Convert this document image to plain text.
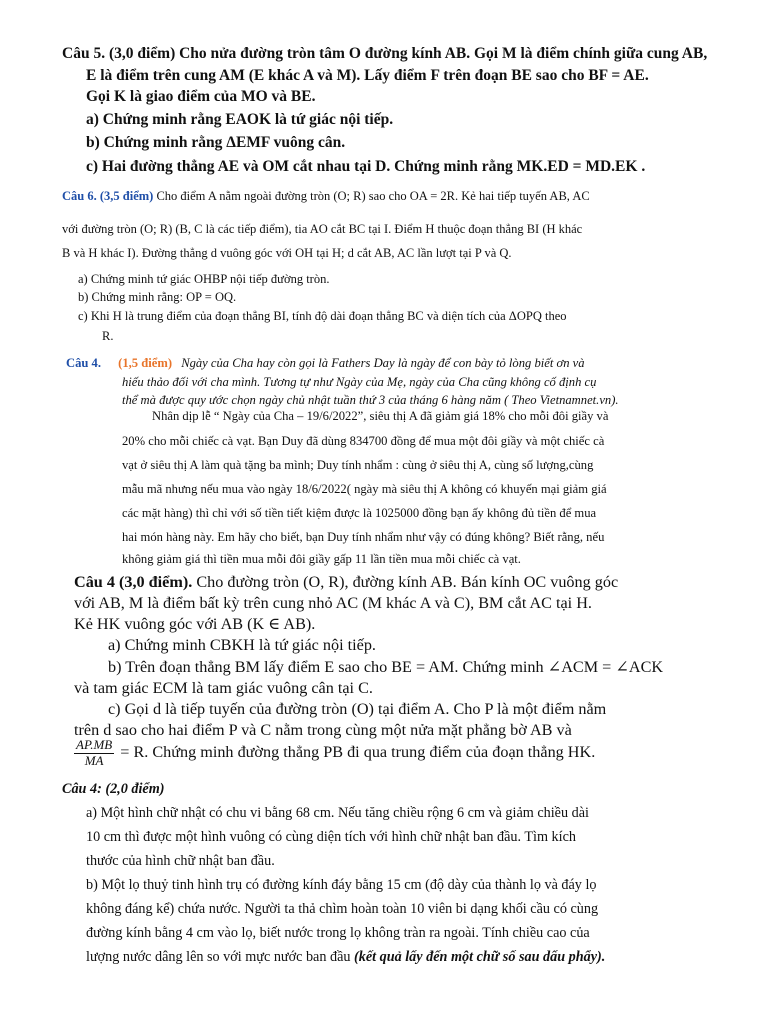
Câu 5. (3,0 điểm) Cho nửa đường tròn tâm O đường kính AB. Gọi M là điểm chính giữa cung AB,
E là điểm trên cung AM (E khác A và M). Lấy điểm F trên đoạn BE sao cho BF = AE.
Gọi K là giao điểm của MO và BE.
a) Chứng minh rằng EAOK là tứ giác nội tiếp.
b) Chứng minh rằng ΔEMF vuông cân.
c) Hai đường thẳng AE và OM cắt nhau tại D. Chứng minh rằng MK.ED = MD.EK .
Câu 6. (3,5 điểm) Cho điểm A nằm ngoài đường tròn (O; R) sao cho OA = 2R. Kẻ hai tiếp tuyến AB, AC
với đường tròn (O; R) (B, C là các tiếp điểm), tia AO cắt BC tại I. Điểm H thuộc đoạn thẳng BI (H khác
B và H khác I). Đường thẳng d vuông góc với OH tại H; d cắt AB, AC lần lượt tại P và Q.
a) Chứng minh tứ giác OHBP nội tiếp đường tròn.
b) Chứng minh rằng: OP = OQ.
c) Khi H là trung điểm của đoạn thẳng BI, tính độ dài đoạn thẳng BC và diện tích của ΔOPQ theo
R.
Câu 4. (1,5 điểm) Ngày của Cha hay còn gọi là Fathers Day là ngày để con bày tỏ lòng biết ơn và
hiếu thảo đối với cha mình. Tương tự như Ngày của Mẹ, ngày của Cha cũng không cố định cụ
thể mà được quy ước chọn ngày chủ nhật tuần thứ 3 của tháng 6 hàng năm ( Theo Vietnamnet.vn).
Nhân dịp lễ “ Ngày của Cha – 19/6/2022”, siêu thị A đã giảm giá 18% cho mỗi đôi giầy và
20% cho mỗi chiếc cà vạt. Bạn Duy đã dùng 834700 đồng để mua một đôi giầy và một chiếc cà
vạt ở siêu thị A làm quà tặng ba mình; Duy tính nhẩm : cùng ở siêu thị A, cùng số lượng,cùng
mẫu mã nhưng nếu mua vào ngày 18/6/2022( ngày mà siêu thị A không có khuyến mại giảm giá
các mặt hàng) thì chỉ với số tiền tiết kiệm được là 1025000 đồng bạn ấy không đủ tiền để mua
hai món hàng này. Em hãy cho biết, bạn Duy tính nhẩm như vậy có đúng không? Biết rằng, nếu
không giảm giá thì tiền mua mỗi đôi giầy gấp 11 lần tiền mua mỗi chiếc cà vạt.
Câu 4 (3,0 điểm). Cho đường tròn (O, R), đường kính AB. Bán kính OC vuông góc
với AB, M là điểm bất kỳ trên cung nhỏ AC (M khác A và C), BM cắt AC tại H.
Kẻ HK vuông góc với AB (K ∈ AB).
a) Chứng minh CBKH là tứ giác nội tiếp.
b) Trên đoạn thẳng BM lấy điểm E sao cho BE = AM. Chứng minh ∠ACM = ∠ACK
và tam giác ECM là tam giác vuông cân tại C.
c) Gọi d là tiếp tuyến của đường tròn (O) tại điểm A. Cho P là một điểm nằm
trên d sao cho hai điểm P và C nằm trong cùng một nửa mặt phẳng bờ AB và
$\frac{AP.MB}{MA} = R$. Chứng minh đường thẳng PB đi qua trung điểm của đoạn thẳng HK.
Câu 4: (2,0 điểm)
a) Một hình chữ nhật có chu vi bằng 68 cm. Nếu tăng chiều rộng 6 cm và giảm chiều dài
10 cm thì được một hình vuông có cùng diện tích với hình chữ nhật ban đầu. Tìm kích
thước của hình chữ nhật ban đầu.
b) Một lọ thuỷ tinh hình trụ có đường kính đáy bằng 15 cm (độ dày của thành lọ và đáy lọ
không đáng kể) chứa nước. Người ta thả chìm hoàn toàn 10 viên bi dạng khối cầu có cùng
đường kính bằng 4 cm vào lọ, biết nước trong lọ không tràn ra ngoài. Tính chiều cao của
lượng nước dâng lên so với mực nước ban đầu (kết quả lấy đến một chữ số sau dấu phẩy).
